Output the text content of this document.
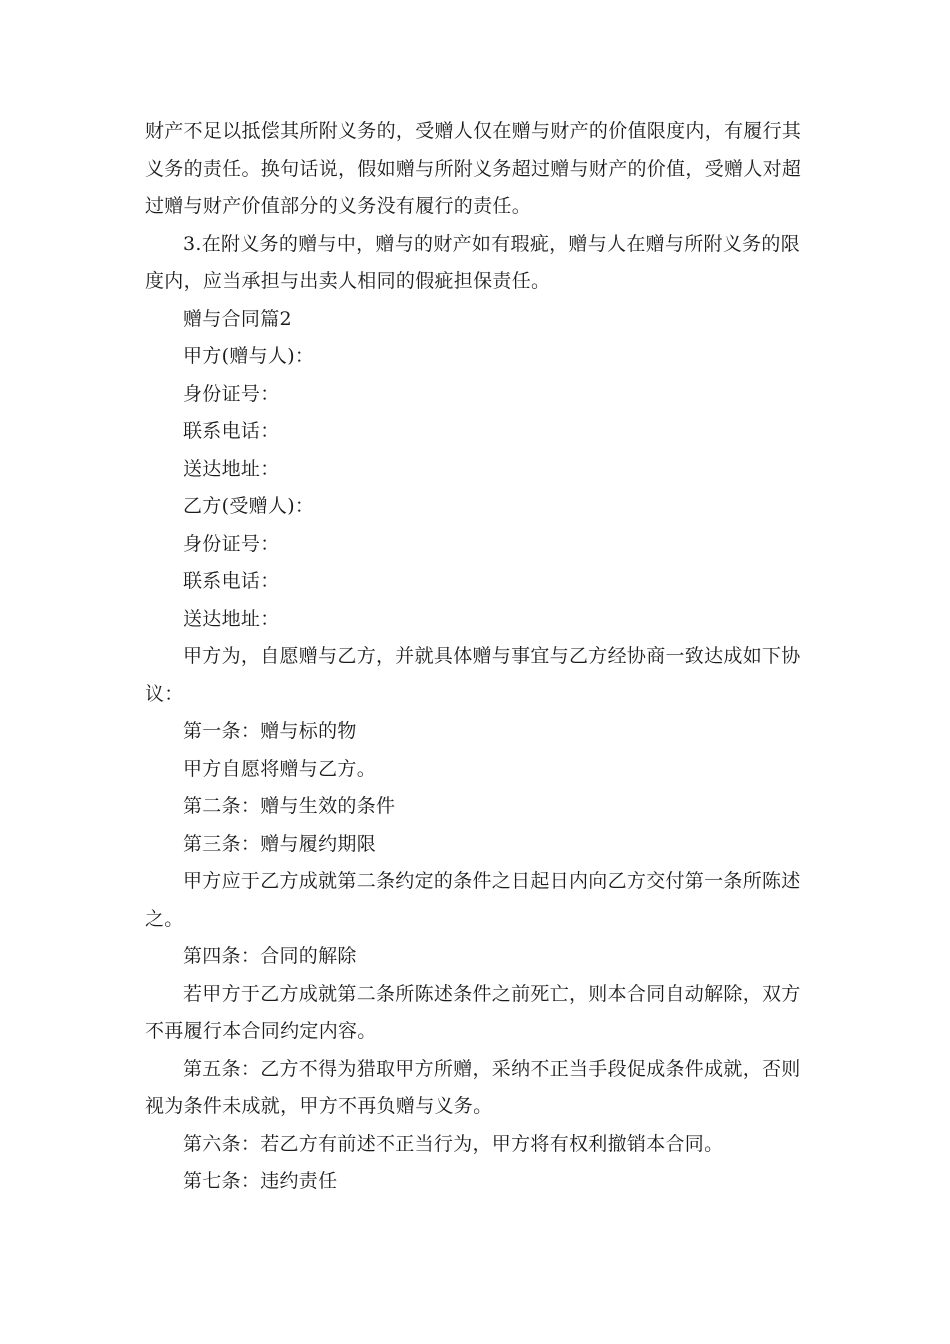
财产不足以抵偿其所附义务的，受赠人仅在赠与财产的价值限度内，有履行其
义务的责任。换句话说，假如赠与所附义务超过赠与财产的价值，受赠人对超
过赠与财产价值部分的义务没有履行的责任。

3.在附义务的赠与中，赠与的财产如有瑕疵，赠与人在赠与所附义务的限
度内，应当承担与出卖人相同的假疵担保责任。

赠与合同篇2

甲方(赠与人)：

身份证号：

联系电话：

送达地址：

乙方(受赠人)：

身份证号：

联系电话：

送达地址：

甲方为，自愿赠与乙方，并就具体赠与事宜与乙方经协商一致达成如下协
议：

第一条：赠与标的物

甲方自愿将赠与乙方。

第二条：赠与生效的条件

第三条：赠与履约期限

甲方应于乙方成就第二条约定的条件之日起日内向乙方交付第一条所陈述
之。

第四条：合同的解除

若甲方于乙方成就第二条所陈述条件之前死亡，则本合同自动解除，双方
不再履行本合同约定内容。

第五条：乙方不得为猎取甲方所赠，采纳不正当手段促成条件成就，否则
视为条件未成就，甲方不再负赠与义务。

第六条：若乙方有前述不正当行为，甲方将有权利撤销本合同。

第七条：违约责任
